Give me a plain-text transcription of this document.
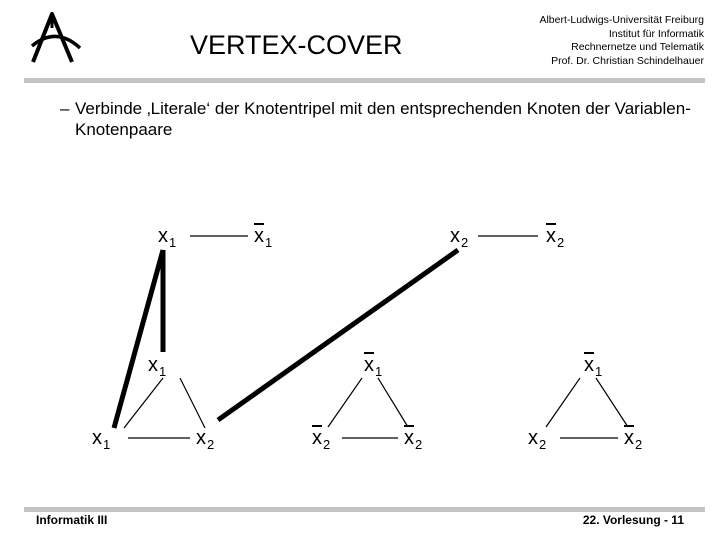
VERTEX-COVER
Albert-Ludwigs-Universität Freiburg
Institut für Informatik
Rechnernetze und Telematik
Prof. Dr. Christian Schindelhauer
– Verbinde ‚Literale‘ der Knotentripel mit den entsprechenden Knoten der Variablen-Knotenpaare
$x_1$	$\overline{x}_1$	$x_2$	$\overline{x}_2$
$x_1$
$x_1$	$x_2$
$\overline{x}_1$
$\overline{x}_2$	$\overline{x}_2$
$\overline{x}_1$
$x_2$	$\overline{x}_2$
Informatik III	22. Vorlesung - 11
